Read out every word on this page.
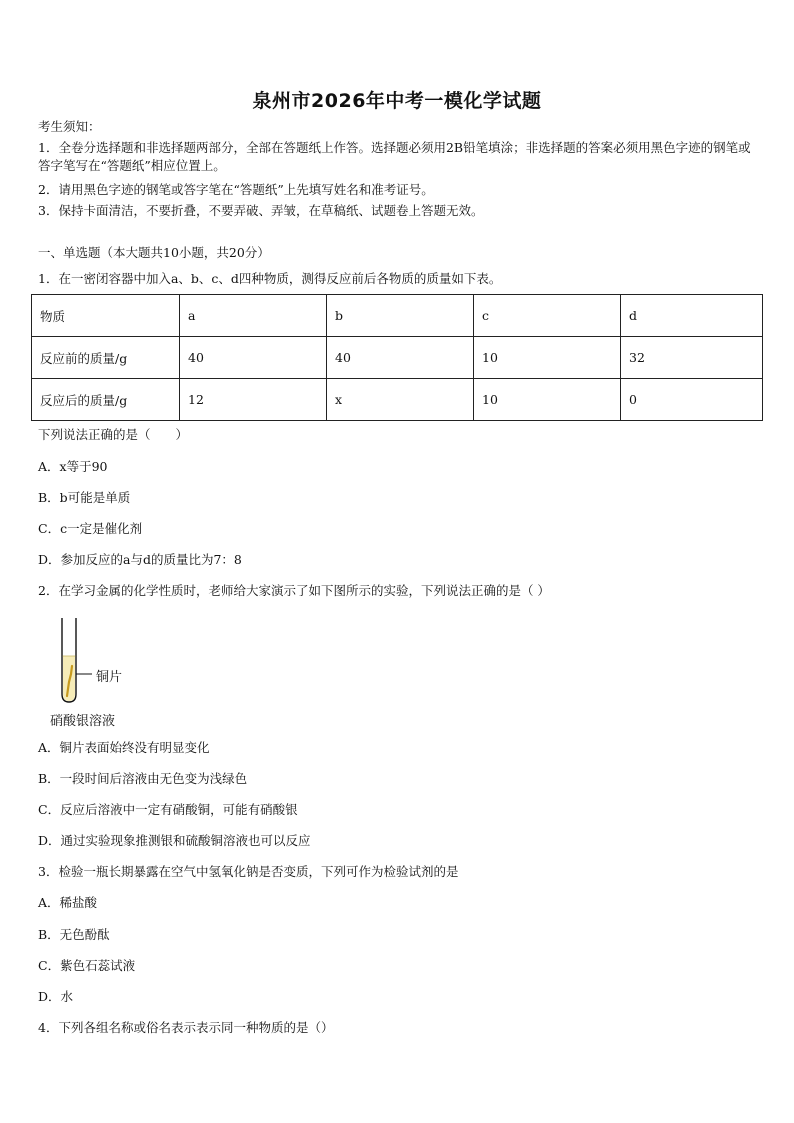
泉州市2026年中考一模化学试题
考生须知：
1．全卷分选择题和非选择题两部分，全部在答题纸上作答。选择题必须用2B铅笔填涂；非选择题的答案必须用黑色字迹的钢笔或答字笔写在“答题纸”相应位置上。
2．请用黑色字迹的钢笔或答字笔在“答题纸”上先填写姓名和准考证号。
3．保持卡面清洁，不要折叠，不要弄破、弄皱，在草稿纸、试题卷上答题无效。
一、单选题（本大题共10小题，共20分）
1．在一密闭容器中加入a、b、c、d四种物质，测得反应前后各物质的质量如下表。
物质	a	b	c	d
反应前的质量/g	40	40	10	32
反应后的质量/g	12	x	10	0
下列说法正确的是（　　）
A．x等于90
B．b可能是单质
C．c一定是催化剂
D．参加反应的a与d的质量比为7：8
2．在学习金属的化学性质时，老师给大家演示了如下图所示的实验，下列说法正确的是（ ）
铜片
硝酸银溶液
A．铜片表面始终没有明显变化
B．一段时间后溶液由无色变为浅绿色
C．反应后溶液中一定有硝酸铜，可能有硝酸银
D．通过实验现象推测银和硫酸铜溶液也可以反应
3．检验一瓶长期暴露在空气中氢氧化钠是否变质，下列可作为检验试剂的是
A．稀盐酸
B．无色酚酞
C．紫色石蕊试液
D．水
4．下列各组名称或俗名表示表示同一种物质的是（）
